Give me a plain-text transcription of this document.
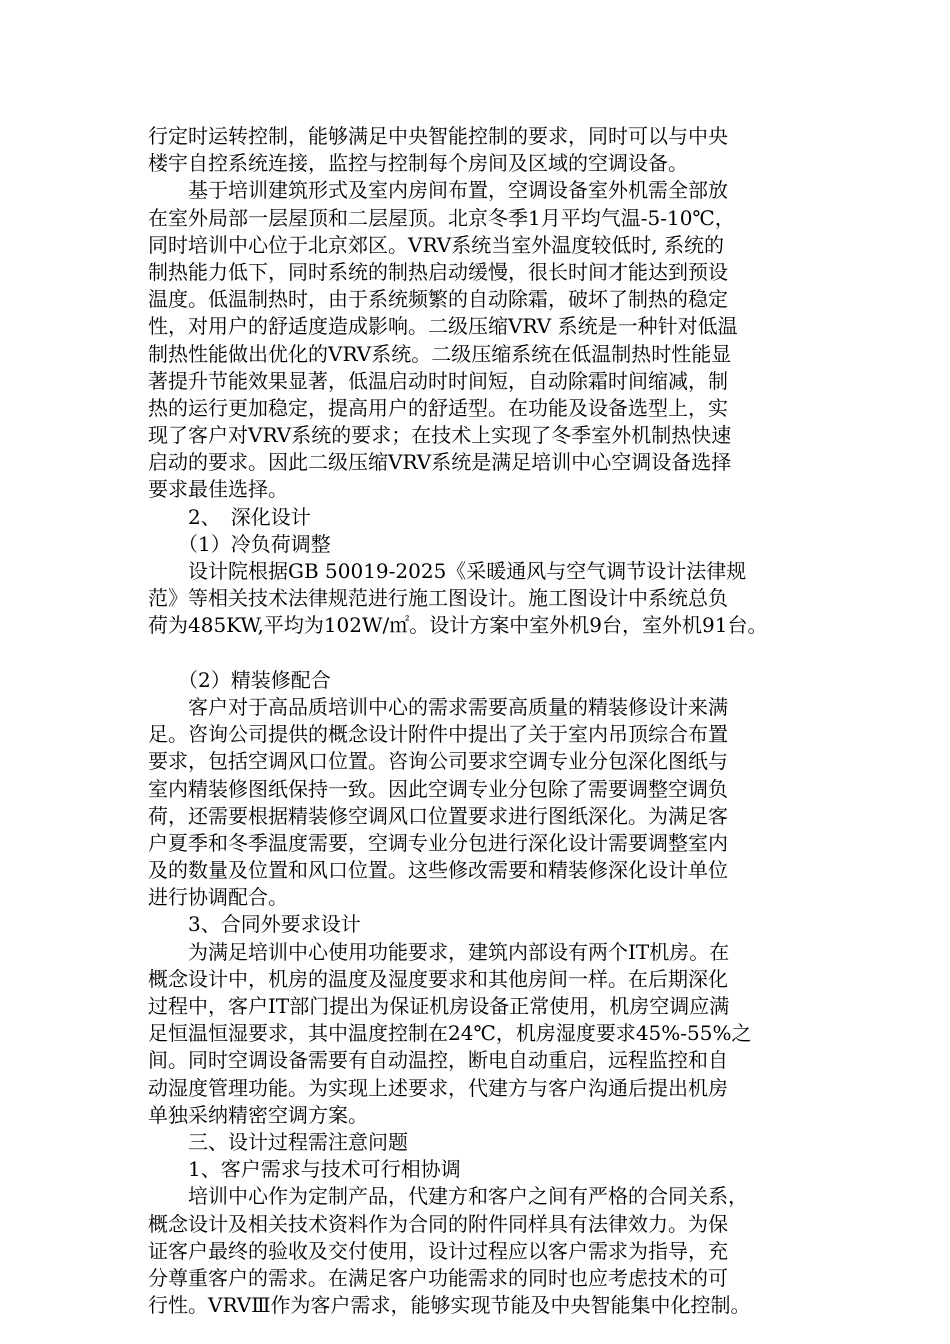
行定时运转控制，能够满足中央智能控制的要求，同时可以与中央
楼宇自控系统连接，监控与控制每个房间及区域的空调设备。
　　基于培训建筑形式及室内房间布置，空调设备室外机需全部放
在室外局部一层屋顶和二层屋顶。北京冬季1月平均气温-5-10℃，
同时培训中心位于北京郊区。VRV系统当室外温度较低时, 系统的
制热能力低下，同时系统的制热启动缓慢，很长时间才能达到预设
温度。低温制热时，由于系统频繁的自动除霜，破坏了制热的稳定
性，对用户的舒适度造成影响。二级压缩VRV 系统是一种针对低温
制热性能做出优化的VRV系统。二级压缩系统在低温制热时性能显
著提升节能效果显著，低温启动时时间短，自动除霜时间缩减，制
热的运行更加稳定，提高用户的舒适型。在功能及设备选型上，实
现了客户对VRV系统的要求；在技术上实现了冬季室外机制热快速
启动的要求。因此二级压缩VRV系统是满足培训中心空调设备选择
要求最佳选择。
　　2、　深化设计
　　（1）冷负荷调整
　　设计院根据GB 50019-2025《采暖通风与空气调节设计法律规
范》等相关技术法律规范进行施工图设计。施工图设计中系统总负
荷为485KW,平均为102W/㎡。设计方案中室外机9台，室外机91台。
　　（2）精装修配合
　　客户对于高品质培训中心的需求需要高质量的精装修设计来满
足。咨询公司提供的概念设计附件中提出了关于室内吊顶综合布置
要求，包括空调风口位置。咨询公司要求空调专业分包深化图纸与
室内精装修图纸保持一致。因此空调专业分包除了需要调整空调负
荷，还需要根据精装修空调风口位置要求进行图纸深化。为满足客
户夏季和冬季温度需要，空调专业分包进行深化设计需要调整室内
及的数量及位置和风口位置。这些修改需要和精装修深化设计单位
进行协调配合。
　　3、合同外要求设计
　　为满足培训中心使用功能要求，建筑内部设有两个IT机房。在
概念设计中，机房的温度及湿度要求和其他房间一样。在后期深化
过程中，客户IT部门提出为保证机房设备正常使用，机房空调应满
足恒温恒湿要求，其中温度控制在24℃，机房湿度要求45%-55%之
间。同时空调设备需要有自动温控，断电自动重启，远程监控和自
动湿度管理功能。为实现上述要求，代建方与客户沟通后提出机房
单独采纳精密空调方案。
　　三、设计过程需注意问题
　　1、客户需求与技术可行相协调
　　培训中心作为定制产品，代建方和客户之间有严格的合同关系，
概念设计及相关技术资料作为合同的附件同样具有法律效力。为保
证客户最终的验收及交付使用，设计过程应以客户需求为指导，充
分尊重客户的需求。在满足客户功能需求的同时也应考虑技术的可
行性。VRVⅢ作为客户需求，能够实现节能及中央智能集中化控制。
